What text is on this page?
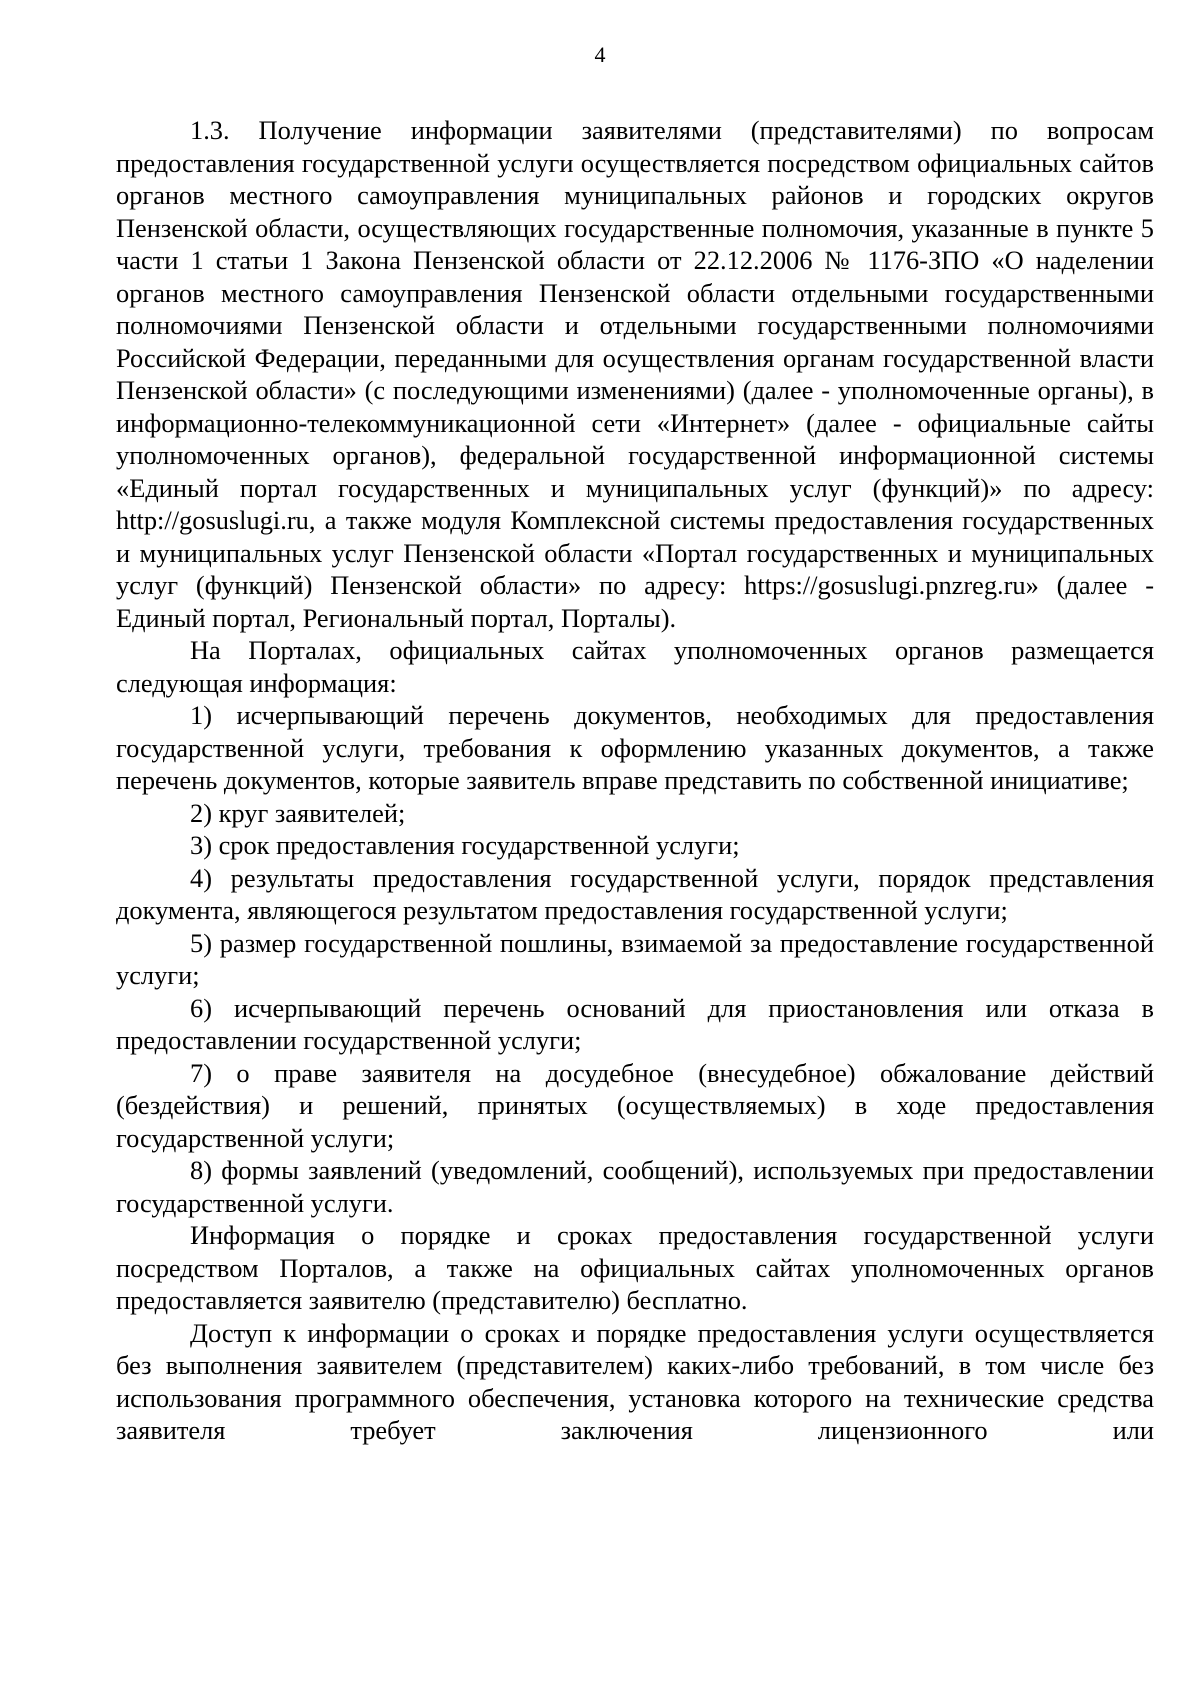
4

1.3. Получение информации заявителями (представителями) по вопросам предоставления государственной услуги осуществляется посредством официальных сайтов органов местного самоуправления муниципальных районов и городских округов Пензенской области, осуществляющих государственные полномочия, указанные в пункте 5 части 1 статьи 1 Закона Пензенской области от 22.12.2006 № 1176-ЗПО «О наделении органов местного самоуправления Пензенской области отдельными государственными полномочиями Пензенской области и отдельными государственными полномочиями Российской Федерации, переданными для осуществления органам государственной власти Пензенской области» (с последующими изменениями) (далее - уполномоченные органы), в информационно-телекоммуникационной сети «Интернет» (далее - официальные сайты уполномоченных органов), федеральной государственной информационной системы «Единый портал государственных и муниципальных услуг (функций)» по адресу: http://gosuslugi.ru, а также модуля Комплексной системы предоставления государственных и муниципальных услуг Пензенской области «Портал государственных и муниципальных услуг (функций) Пензенской области» по адресу: https://gosuslugi.pnzreg.ru» (далее - Единый портал, Региональный портал, Порталы).

На Порталах, официальных сайтах уполномоченных органов размещается следующая информация:

1) исчерпывающий перечень документов, необходимых для предоставления государственной услуги, требования к оформлению указанных документов, а также перечень документов, которые заявитель вправе представить по собственной инициативе;

2) круг заявителей;

3) срок предоставления государственной услуги;

4) результаты предоставления государственной услуги, порядок представления документа, являющегося результатом предоставления государственной услуги;

5) размер государственной пошлины, взимаемой за предоставление государственной услуги;

6) исчерпывающий перечень оснований для приостановления или отказа в предоставлении государственной услуги;

7) о праве заявителя на досудебное (внесудебное) обжалование действий (бездействия) и решений, принятых (осуществляемых) в ходе предоставления государственной услуги;

8) формы заявлений (уведомлений, сообщений), используемых при предоставлении государственной услуги.

Информация о порядке и сроках предоставления государственной услуги посредством Порталов, а также на официальных сайтах уполномоченных органов предоставляется заявителю (представителю) бесплатно.

Доступ к информации о сроках и порядке предоставления услуги осуществляется без выполнения заявителем (представителем) каких-либо требований, в том числе без использования программного обеспечения, установка которого на технические средства заявителя требует заключения лицензионного или
